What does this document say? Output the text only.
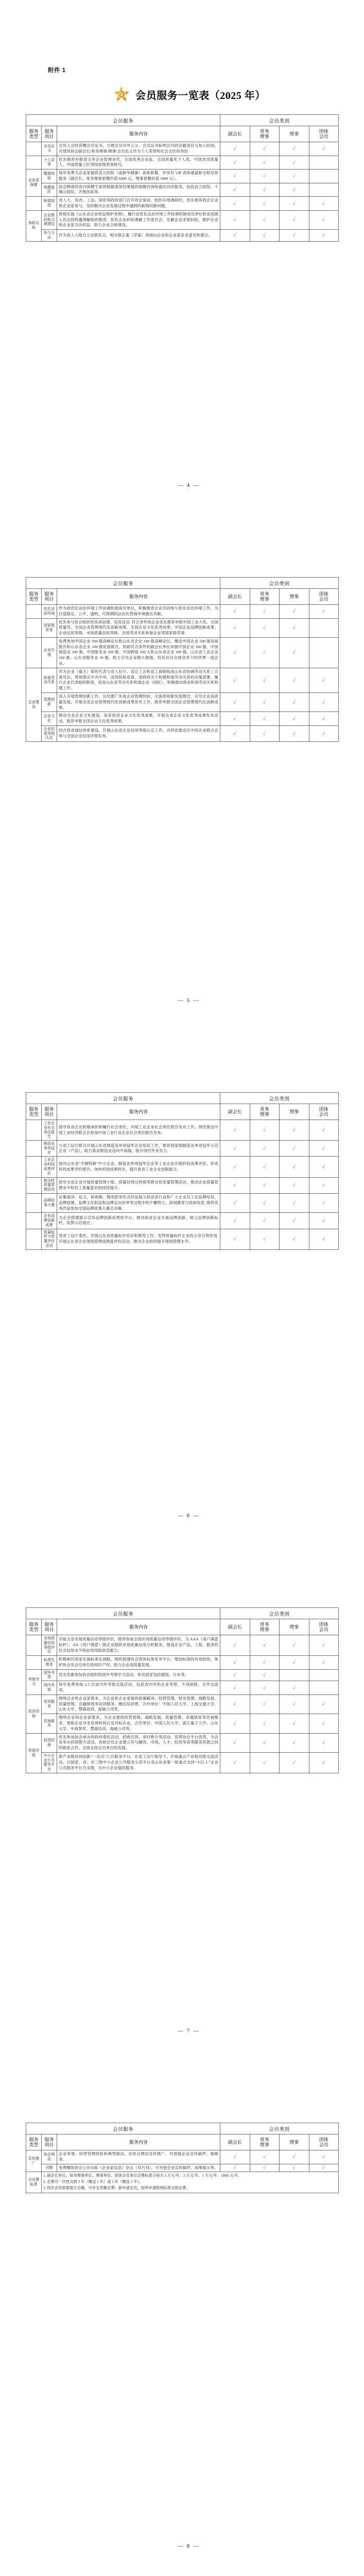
附件 1
会员服务一览表（2025 年）
会员服务			会员类别			
服务
类型	服务
项目	服务内容	副会长	常务
理事	理事	团体
会员
	会员证书	会员入会时获赠会员证书，方便会员对外公示。会员证书标明会员的会籍身份与加入时间。可使用协会副会长/常务理事/理事/会员名义作为个人荣誉和社会交往的身份.	✓	✓	✓	✓
	个人荣誉	优先推荐申报袁宝华企业管理金奖、全国优秀企业家、全国质量奖个人奖、中国杰出质量人、中国质量工匠等国家级荣誉称号。	✓	✓	✓	
企业家保健	健康体检	每年免费为企业家提供省立医院（或新华健康）查体套餐，并享有 VIP 查体通道和全程导医服务（副会长、常务理事套餐价值 6000 元，理事套餐价值 3000 元）。	✓	✓	✓	
	保健就医	协会聘请的省内保健专家将根据查体结果提供保健咨询和就医问诊服务，包括省立医院、千佛山医院、齐鲁医院等。	✓	✓	✓	
	桥梁纽带	省人大、发改、工信、国资等政府部门召开涉企座谈、组织实地调研时，优先推荐我会企业和企业家参与，及时解决企业发展过程中遇到的新情况新问题。	✓	✓	✓	✓
参政议政	企业维权和合规建设	贯彻实施《山东省企业权益保护条例》，履行省优化法治环境工作协调机制成员单位和省高级人民法院特邀调解组织职责，依托企业纠纷调解工作委员会，化解企业矛盾纠纷，维护企业和企业家合法权益，助力企业合规建设。	✓	✓	✓	✓
	参与立法	作为省人大地方立法联系点，相关修正案（草案）将面向企业和企业家征求意见和建议。	✓	✓	✓	✓
— 4 —
会员服务			会员类别			
服务
类型	服务
项目	服务内容	副会长	常务
理事	理事	团体
会员
	优化法治环境	作为省优化法治环境工作协调机制成员单位，积极推进企业共同参与优化法治环境工作，为打造稳定、公平、透明、可预期的法治化营商环境做出贡献。	✓	✓	✓	✓
	国家级荣誉	优先参与协会组织的各项创建、培育活动. 符合条件的企业优先推荐申报中国工业大奖、全国质量奖、全国企业管理现代化创新成果、全国企业文化优秀成果、中国企业品牌创新成果、企业信用等级、市场质量信用等级、全国劳动关系和谐企业等国家级荣誉。	✓	✓	✓	
	企业百强	免费参加中国企业 500 强高峰论坛和山东省企业 100 强高峰论坛，赠送中国企业 500 强发展报告和山东省企业 100 强发展报告，协助符合条件的副会长单位申报中国企业 500 强、中国制造业 500 强、中国服务业 500 强、中国跨国 100 大和山东省企业 100 强、山东省工业企业 100 强、山东省服务业 50 强。助力会员企业做大做强，培育具有全球竞争力的世界一流企业。	✓	✓	✓	
企业建设	和谐劳动关系	作为企业（雇主）组织代表与省人社厅、省总工会和省工商联组成山东省协调劳动关系三方委员会，贯彻落实中共中央、国务院和省委、省政府关于构建和谐劳动关系的决策部署，履行企业代表组织职责，培育山东省劳动关系和谐企业（园区），积极推动我省和谐劳动关系构建工作。	✓	✓	✓	✓
	管理创新	深入开展管理创新工作，总结推广先进企业管理经验，全面贯彻新发展理念，引导企业高质量发展，开展全省企业管理现代化创新成果发布工作，推荐申报全国企业管理现代化创新成果。	✓	✓	✓	✓
	企业文化	推动全省企业文化建设，培育我省企业文化优秀成果，开展全省企业文化优秀成果发布活动，推荐申报全国企业文化优秀成果。	✓	✓	✓	✓
	企业信用等级认定	结合我省诚信体系建设，开展山东省企业信用等级认定工作，并择优推送至中国企业联合会参与全国企业信用评级发布。	✓	✓	✓	✓
— 5 —
会员服务			会员类别			
服务
类型	服务
项目	服务内容	副会长	常务
理事	理事	团体
会员
	工业企业社会责任报告	倡导我省企业积极承担和履行社会责任，开展工业企业社会责任报告发布工作，择优推送中国工业经济联合会参加中国工业行业企业社会责任报告发布。	✓	✓	✓	✓
	制造业单项冠军	与省工信厅联合开展山东省制造业单项冠军企业培育工作，推荐国家级制造业单项冠军示范企业（产品），助力我省制造业迈向中高端，提升国内外竞争力。	✓	✓	✓	✓
	工业企业科技成果评价	面向山东省“专精特新”中小企业、制造业单项冠军企业等工业企业开展科技成果评价，形成科技成果评价报告，加快科技成果转化，提升我省工业企业创新能力。	✓	✓	✓	✓
	群众性质量管理活动	指导全省企业开展质量管理小组、质量信得过班组等群众性质量管理活动，推动企业质量管理水平和员工质量意识的持续提升。	✓	✓	✓	✓
	品牌故事大赛	征集演讲、征文、短视频、微电影等形式作品展示我省各行业和广大企业员工在品牌培育、品牌创建、品牌文化积淀和品牌走向世界等过程中的不懈努力、深刻感受与具体收获. 推荐优秀作品参加全国品牌故事大赛总决赛。	✓	✓	✓	✓
	企业品牌创新成果	为企业搭建展示宣传品牌创新成果的平台，推动我省企业开展品牌创新，树立品牌创新标杆，发挥示范效应。	✓	✓	✓	✓
	质量标杆与质量评价活动	受省工信厅委托，开展山东省质量标杆培育和推荐工作，发挥质量标杆企业的示范引领作用. 开展山东省企业现场管理成熟度评价活动，推动企业持续提升现场管理水平。	✓	✓	✓	✓
— 6 —
会员服务			会员类别			
服务
类型	服务
项目	服务内容	副会长	常务
理事	理事	团体
会员
	市场质量信用等级评价	开展全省市场质量信用等级评价，推荐参加全国市场质量信用等级评价，为 AAA（用户满意标杆）、AA（用户满意）级企业提供市场质量信用分析服务，提高企业产品、工程、服务的社会信用水平和信用风险防范能力。	✓	✓	✓	✓
	标准化推进	积极响应国家实施标准化战略，组织搭建协会团体标准发布平台，增加标准的有效供给，保护协会及会员单位的知识产权，助力企业高质量发展。	✓	✓	✓	✓
考察学习	国外考察	优先优惠参加协会组织的国外考察学习活动，参访国家包括德国、日本等。	✓	✓		
	国内考察	每年免费参加 2-5 次省内外考察交流活动，包括省内外的企业考察、专项研修、合作交流等。	✓	✓	✓	
培训咨询	培训服务	围绕企业和企业家需求，为企业和企业家提供政策解读、经营管理、财务管理、战略发展、质量管理、卓越绩效等培训服务，赠送培训票。合作单位：中国人民大学、上海交通大学、山东大学、慧森培训、海驰公司等。	✓	✓	✓	✓
	咨询服务	围绕企业和企业家需求，为企业提供经营管理、战略发展、质量管理、卓越绩效等咨询服务，帮助企业寻求咨询机构以及对标企业。合作单位：中国人民大学、浙江量子大学、山东大学、中海智库、慧森培训、海驰公司等。	✓	✓	✓	✓
资源对接	投资招商	优先参加协会承办的政府委托活动，招商引资、项目推介等活动。发挥协会平台优势，为企业举办招商推介活动，协助会员企业建立其与融资、市场、人才、投资等各类服务资源之间的联系合作，全面支持会员单位的发展。	✓	✓	✓	✓
	中小企业公共服务平台	即产业链协同创新“一站式”公共服务平台。在省工信厅指导下，开展重点产业链对接交流活动。以国家、省、市三级中小企业公共服务示范平台及山东省第一批重点支持“小巨人”企业公共服务平台为支撑，为中小企业提供服务。	✓	✓	✓	✓
— 7 —
会员服务			会员类别			
服务
类型	服务
项目	服务内容	副会长	常务
理事	理事	团体
会员
宣传推广	协会网站	企业荣誉、经营管理经验和典型做法，在协会网站宣传推广，可登载企业宣传稿件、视频等。	✓	✓	✓	✓
	刊物	免费赠阅协会公开出版《企业家信息》杂志（双月刊），可刊登企业宣传稿件、成果展示等。	✓	✓	✓	✓
会员费标准	1. 副会长单位、常务理事单位、理事单位、团体会员单位会费标准分别为 3 万元/年、2 万元/年、1 万元/年、5000 元/年。

2. 会费可一次性交纳 3 年（赠送 1 年）或 5 年（赠送 2 年）。

3. 现有会员如需提升会籍，可补交差额会费；新申请会员，按所申请级别标准交纳会费。					

— 8 —
